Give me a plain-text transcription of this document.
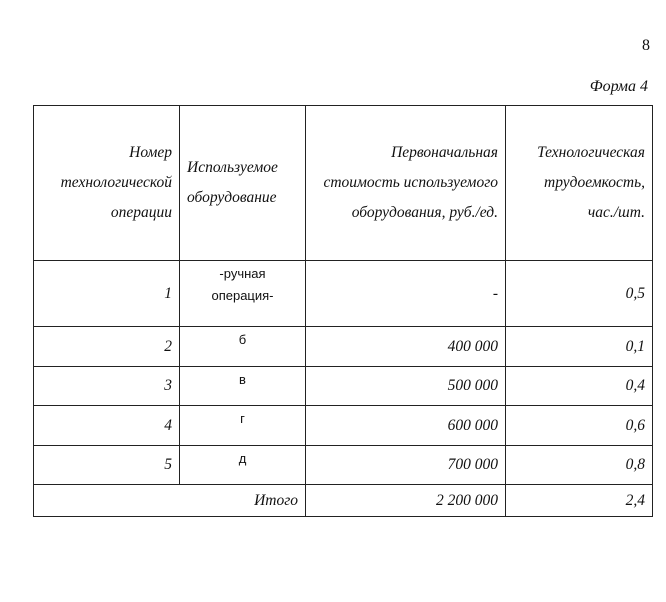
8
Форма 4
Номер технологической операции	Используемое оборудование	Первоначальная стоимость используемого оборудования, руб./ед.	Технологическая трудоемкость, час./шт.
1	-ручная операция-	-	0,5
2	б	400 000	0,1
3	в	500 000	0,4
4	г	600 000	0,6
5	д	700 000	0,8
Итого		2 200 000	2,4
